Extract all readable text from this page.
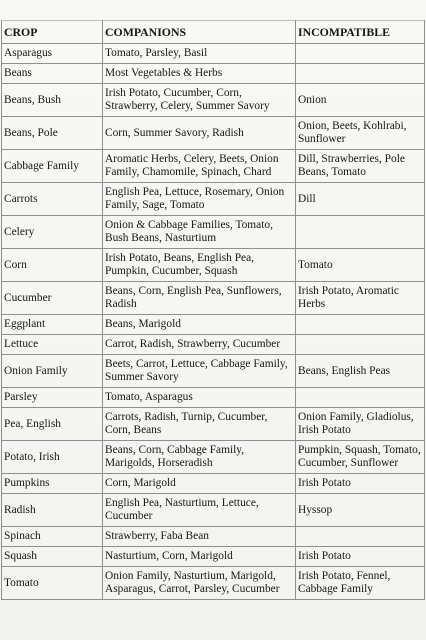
CROP	COMPANIONS	INCOMPATIBLE
Asparagus	Tomato, Parsley, Basil	
Beans	Most Vegetables & Herbs	
Beans, Bush	Irish Potato, Cucumber, Corn, Strawberry, Celery, Summer Savory	Onion
Beans, Pole	Corn, Summer Savory, Radish	Onion, Beets, Kohlrabi, Sunflower
Cabbage Family	Aromatic Herbs, Celery, Beets, Onion Family, Chamomile, Spinach, Chard	Dill, Strawberries, Pole Beans, Tomato
Carrots	English Pea, Lettuce, Rosemary, Onion Family, Sage, Tomato	Dill
Celery	Onion & Cabbage Families, Tomato, Bush Beans, Nasturtium	
Corn	Irish Potato, Beans, English Pea, Pumpkin, Cucumber, Squash	Tomato
Cucumber	Beans, Corn, English Pea, Sunflowers, Radish	Irish Potato, Aromatic Herbs
Eggplant	Beans, Marigold	
Lettuce	Carrot, Radish, Strawberry, Cucumber	
Onion Family	Beets, Carrot, Lettuce, Cabbage Family, Summer Savory	Beans, English Peas
Parsley	Tomato, Asparagus	
Pea, English	Carrots, Radish, Turnip, Cucumber, Corn, Beans	Onion Family, Gladiolus, Irish Potato
Potato, Irish	Beans, Corn, Cabbage Family, Marigolds, Horseradish	Pumpkin, Squash, Tomato, Cucumber, Sunflower
Pumpkins	Corn, Marigold	Irish Potato
Radish	English Pea, Nasturtium, Lettuce, Cucumber	Hyssop
Spinach	Strawberry, Faba Bean	
Squash	Nasturtium, Corn, Marigold	Irish Potato
Tomato	Onion Family, Nasturtium, Marigold, Asparagus, Carrot, Parsley, Cucumber	Irish Potato, Fennel, Cabbage Family
